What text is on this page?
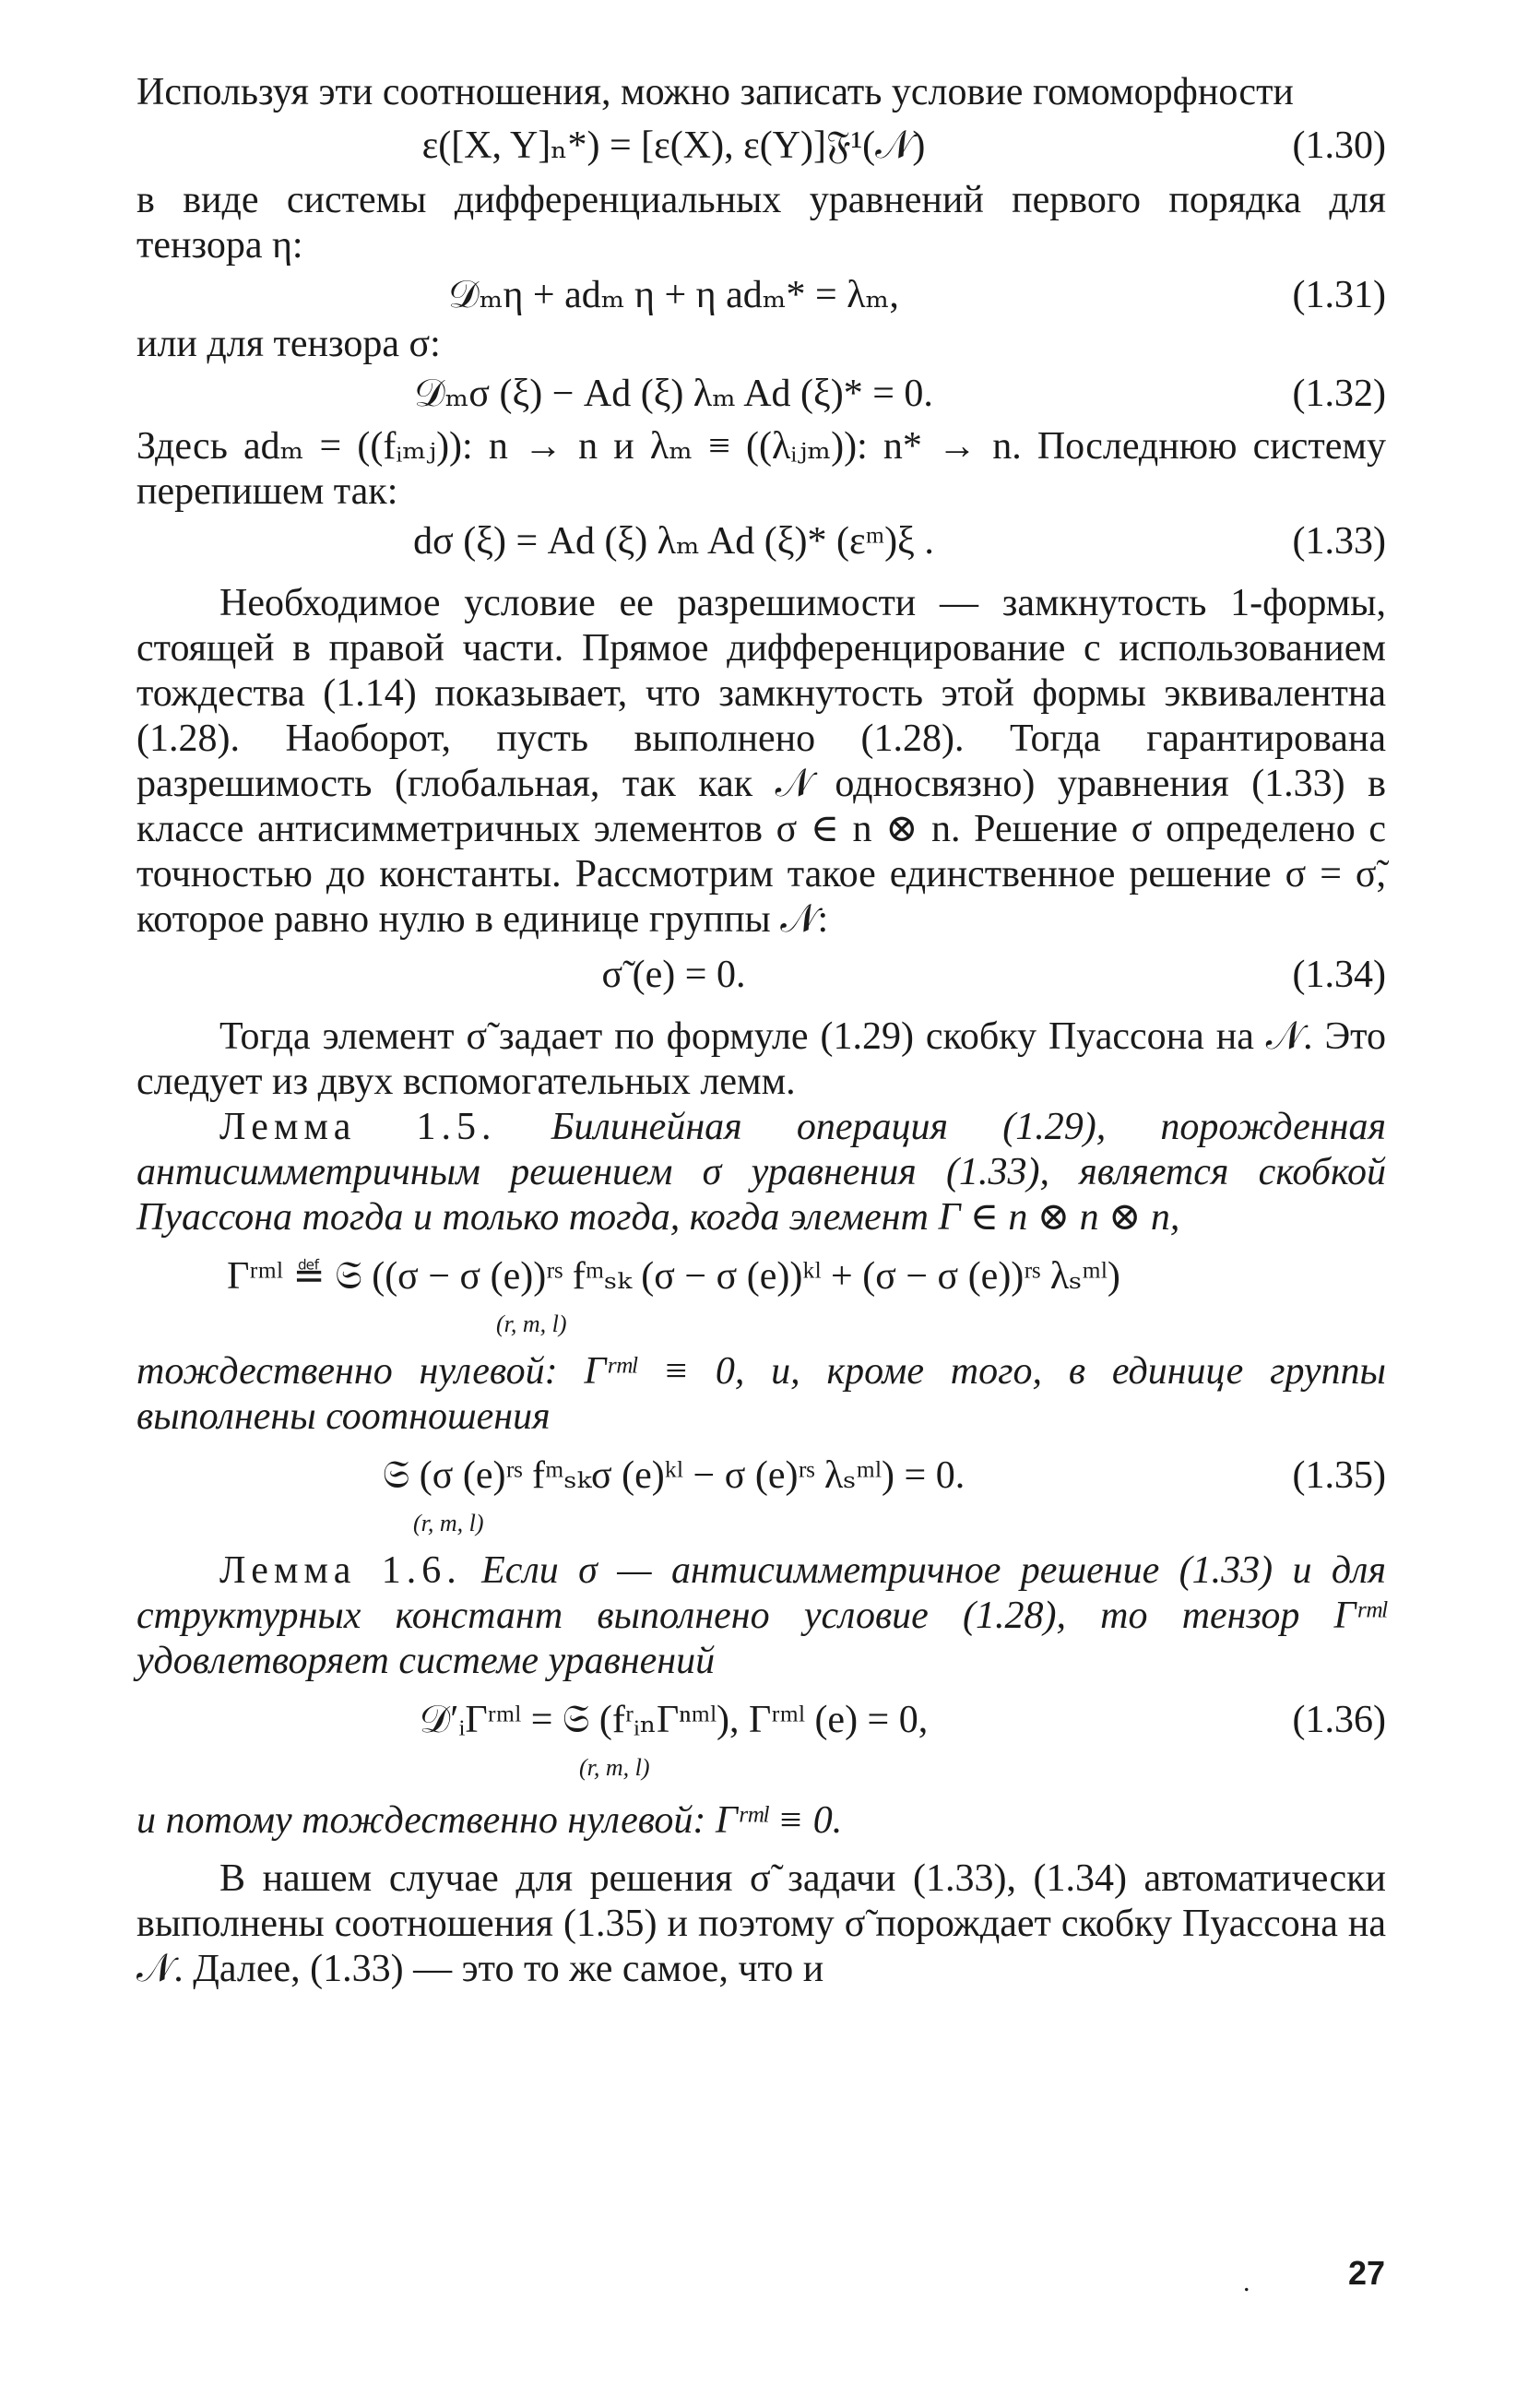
Используя эти соотношения, можно записать условие гомоморфности

ε([X, Y]ₙ*) = [ε(X), ε(Y)]𝔉¹(𝒩)	(1.30)

в виде системы дифференциальных уравнений первого порядка для тензора η:

𝒟ₘη + adₘ η + η adₘ* = λₘ,	(1.31)

или для тензора σ:

𝒟ₘσ (ξ) − Ad (ξ) λₘ Ad (ξ)* = 0.	(1.32)

Здесь adₘ = ((fᵢₘⱼ)): n → n и λₘ ≡ ((λᵢⱼₘ)): n* → n. Последнюю систему перепишем так:

dσ (ξ) = Ad (ξ) λₘ Ad (ξ)* (εᵐ)ξ .	(1.33)

Необходимое условие ее разрешимости — замкнутость 1-формы, стоящей в правой части. Прямое дифференцирование с использованием тождества (1.14) показывает, что замкнутость этой формы эквивалентна (1.28). Наоборот, пусть выполнено (1.28). Тогда гарантирована разрешимость (глобальная, так как 𝒩 односвязно) уравнения (1.33) в классе антисимметричных элементов σ ∈ n ⊗ n. Решение σ определено с точностью до константы. Рассмотрим такое единственное решение σ = σ̃, которое равно нулю в единице группы 𝒩:

σ̃ (e) = 0.	(1.34)

Тогда элемент σ̃ задает по формуле (1.29) скобку Пуассона на 𝒩. Это следует из двух вспомогательных лемм.

Лемма 1.5. Билинейная операция (1.29), порожденная антисимметричным решением σ уравнения (1.33), является скобкой Пуассона тогда и только тогда, когда элемент Γ ∈ n ⊗ n ⊗ n,

Γʳᵐˡ ≝ 𝔖 ((σ − σ (e))ʳˢ fᵐₛₖ (σ − σ (e))ᵏˡ + (σ − σ (e))ʳˢ λₛᵐˡ)
(r, m, l)

тождественно нулевой: Γʳᵐˡ ≡ 0, и, кроме того, в единице группы выполнены соотношения

𝔖 (σ (e)ʳˢ fᵐₛₖσ (e)ᵏˡ − σ (e)ʳˢ λₛᵐˡ) = 0.
(r, m, l)
(1.35)

Лемма 1.6. Если σ — антисимметричное решение (1.33) и для структурных констант выполнено условие (1.28), то тензор Γʳᵐˡ удовлетворяет системе уравнений

𝒟′ᵢΓʳᵐˡ = 𝔖 (fʳᵢₙΓⁿᵐˡ), Γʳᵐˡ (e) = 0,
(r, m, l)
(1.36)

и потому тождественно нулевой: Γʳᵐˡ ≡ 0.

В нашем случае для решения σ̃ задачи (1.33), (1.34) автоматически выполнены соотношения (1.35) и поэтому σ̃ порождает скобку Пуассона на 𝒩. Далее, (1.33) — это то же самое, что и

.	27
